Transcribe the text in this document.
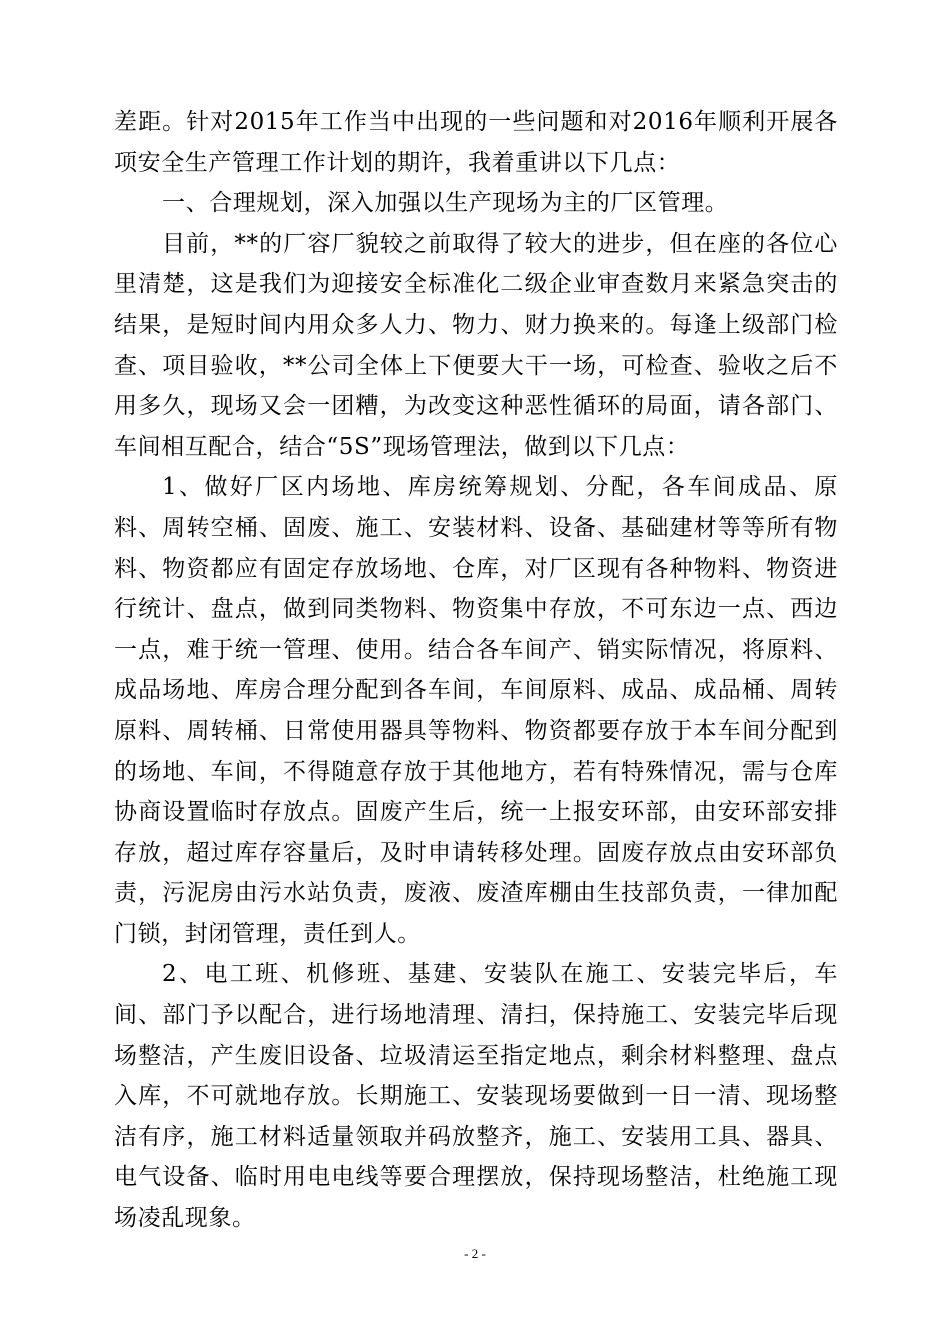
差距。针对2015年工作当中出现的一些问题和对2016年顺利开展各项安全生产管理工作计划的期许，我着重讲以下几点：

一、合理规划，深入加强以生产现场为主的厂区管理。

目前，**的厂容厂貌较之前取得了较大的进步，但在座的各位心里清楚，这是我们为迎接安全标准化二级企业审查数月来紧急突击的结果，是短时间内用众多人力、物力、财力换来的。每逢上级部门检查、项目验收，**公司全体上下便要大干一场，可检查、验收之后不用多久，现场又会一团糟，为改变这种恶性循环的局面，请各部门、车间相互配合，结合“5S”现场管理法，做到以下几点：

1、做好厂区内场地、库房统筹规划、分配，各车间成品、原料、周转空桶、固废、施工、安装材料、设备、基础建材等等所有物料、物资都应有固定存放场地、仓库，对厂区现有各种物料、物资进行统计、盘点，做到同类物料、物资集中存放，不可东边一点、西边一点，难于统一管理、使用。结合各车间产、销实际情况，将原料、成品场地、库房合理分配到各车间，车间原料、成品、成品桶、周转原料、周转桶、日常使用器具等物料、物资都要存放于本车间分配到的场地、车间，不得随意存放于其他地方，若有特殊情况，需与仓库协商设置临时存放点。固废产生后，统一上报安环部，由安环部安排存放，超过库存容量后，及时申请转移处理。固废存放点由安环部负责，污泥房由污水站负责，废液、废渣库棚由生技部负责，一律加配门锁，封闭管理，责任到人。

2、电工班、机修班、基建、安装队在施工、安装完毕后，车间、部门予以配合，进行场地清理、清扫，保持施工、安装完毕后现场整洁，产生废旧设备、垃圾清运至指定地点，剩余材料整理、盘点入库，不可就地存放。长期施工、安装现场要做到一日一清、现场整洁有序，施工材料适量领取并码放整齐，施工、安装用工具、器具、电气设备、临时用电电线等要合理摆放，保持现场整洁，杜绝施工现场凌乱现象。

- 2 -
